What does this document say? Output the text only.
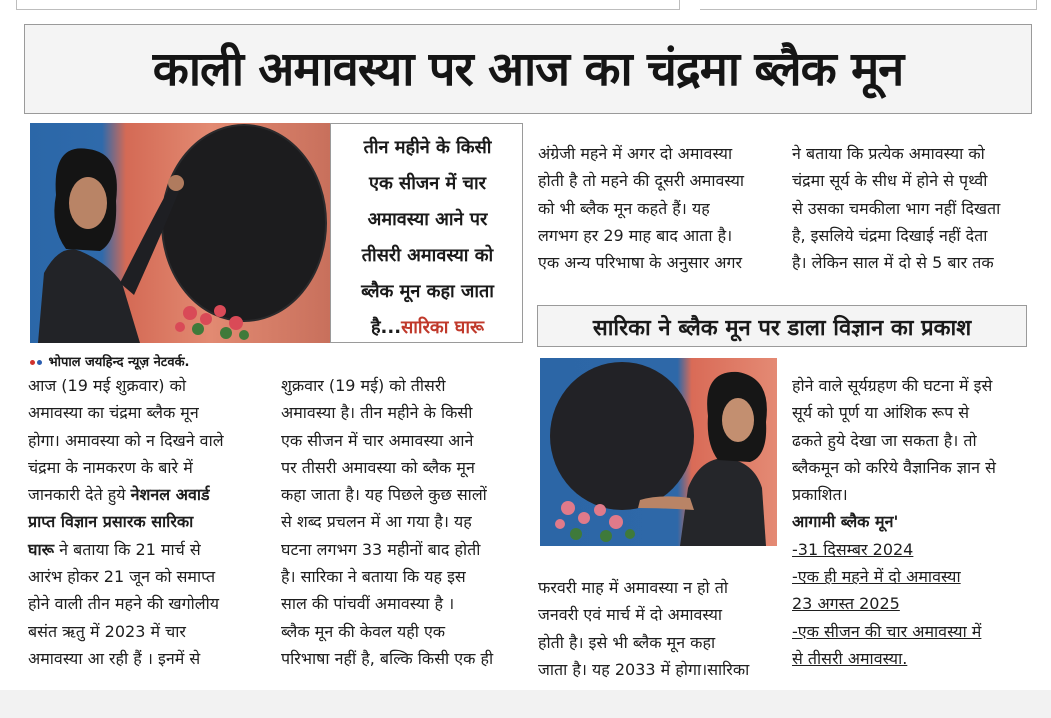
काली अमावस्या पर आज का चंद्रमा ब्लैक मून
तीन महीने के किसी
एक सीजन में चार
अमावस्या आने पर
तीसरी अमावस्या को
ब्लैक मून कहा जाता
है...सारिका घारू
भोपाल जयहिन्द न्यूज़ नेटवर्क.
आज (19 मई शुक्रवार) को
अमावस्या का चंद्रमा ब्लैक मून
होगा। अमावस्या को न दिखने वाले
चंद्रमा के नामकरण के बारे में
जानकारी देते हुये नेशनल अवार्ड
प्राप्त विज्ञान प्रसारक सारिका
घारू ने बताया कि 21 मार्च से
आरंभ होकर 21 जून को समाप्त
होने वाली तीन महने की खगोलीय
बसंत ऋतु में 2023 में चार
अमावस्या आ रही हैं । इनमें से
शुक्रवार (19 मई) को तीसरी
अमावस्या है। तीन महीने के किसी
एक सीजन में चार अमावस्या आने
पर तीसरी अमावस्या को ब्लैक मून
कहा जाता है। यह पिछले कुछ सालों
से शब्द प्रचलन में आ गया है। यह
घटना लगभग 33 महीनों बाद होती
है। सारिका ने बताया कि यह इस
साल की पांचवीं अमावस्या है ।
ब्लैक मून की केवल यही एक
परिभाषा नहीं है, बल्कि किसी एक ही
अंग्रेजी महने में अगर दो अमावस्या
होती है तो महने की दूसरी अमावस्या
को भी ब्लैक मून कहते हैं। यह
लगभग हर 29 माह बाद आता है।
एक अन्य परिभाषा के अनुसार अगर
ने बताया कि प्रत्येक अमावस्या को
चंद्रमा सूर्य के सीध में होने से पृथ्वी
से उसका चमकीला भाग नहीं दिखता
है, इसलिये चंद्रमा दिखाई नहीं देता
है। लेकिन साल में दो से 5 बार तक
सारिका ने ब्लैक मून पर डाला विज्ञान का प्रकाश
फरवरी माह में अमावस्या न हो तो
जनवरी एवं मार्च में दो अमावस्या
होती है। इसे भी ब्लैक मून कहा
जाता है। यह 2033 में होगा।सारिका
होने वाले सूर्यग्रहण की घटना में इसे
सूर्य को पूर्ण या आंशिक रूप से
ढकते हुये देखा जा सकता है। तो
ब्लैकमून को करिये वैज्ञानिक ज्ञान से
प्रकाशित।
आगामी ब्लैक मून'
-31 दिसम्बर 2024
-एक ही महने में दो अमावस्या
23 अगस्त 2025
-एक सीजन की चार अमावस्या में
से तीसरी अमावस्या.
